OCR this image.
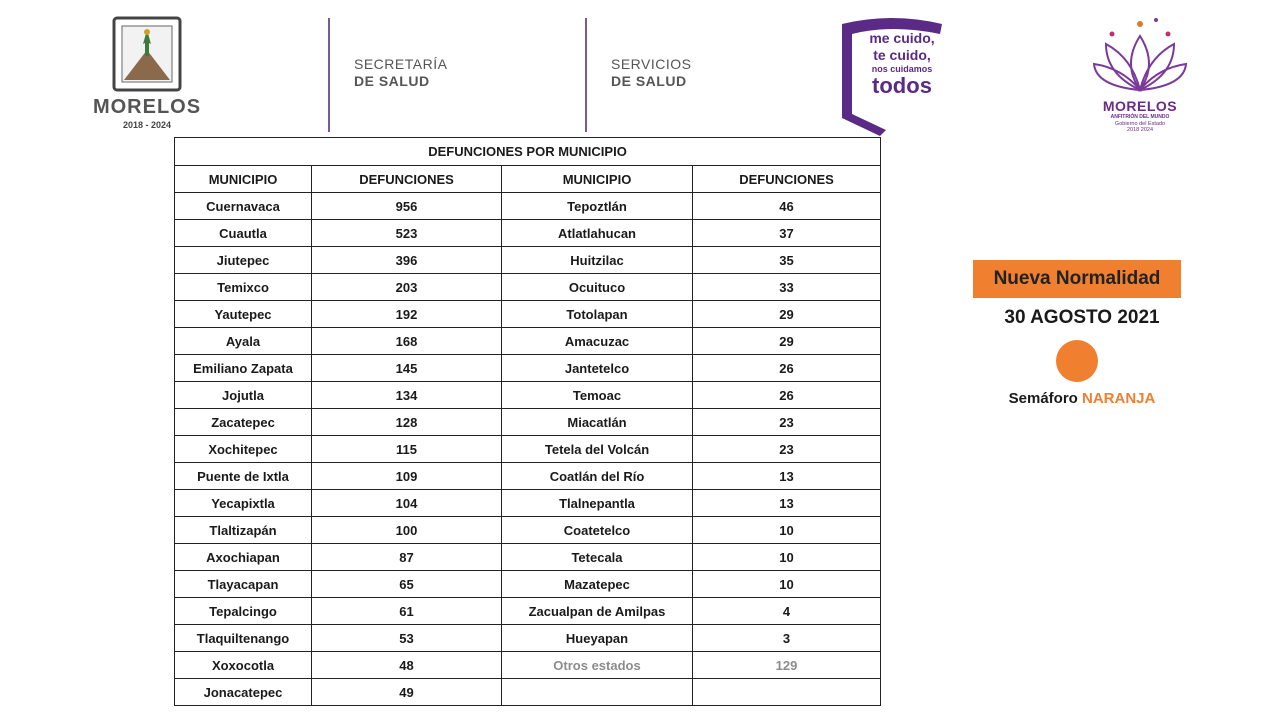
MORELOS
2018 - 2024
SECRETARÍA
DE SALUD
SERVICIOS
DE SALUD
me cuido,
te cuido,
nos cuidamos
todos
MORELOS
ANFITRIÓN DEL MUNDO
Gobierno del Estado
2018 2024
DEFUNCIONES POR MUNICIPIO			
MUNICIPIO	DEFUNCIONES	MUNICIPIO	DEFUNCIONES
Cuernavaca	956	Tepoztlán	46
Cuautla	523	Atlatlahucan	37
Jiutepec	396	Huitzilac	35
Temixco	203	Ocuituco	33
Yautepec	192	Totolapan	29
Ayala	168	Amacuzac	29
Emiliano Zapata	145	Jantetelco	26
Jojutla	134	Temoac	26
Zacatepec	128	Miacatlán	23
Xochitepec	115	Tetela del Volcán	23
Puente de Ixtla	109	Coatlán del Río	13
Yecapixtla	104	Tlalnepantla	13
Tlaltizapán	100	Coatetelco	10
Axochiapan	87	Tetecala	10
Tlayacapan	65	Mazatepec	10
Tepalcingo	61	Zacualpan de Amilpas	4
Tlaquiltenango	53	Hueyapan	3
Xoxocotla	48	Otros estados	129
Jonacatepec	49		
Nueva Normalidad
30 AGOSTO 2021
Semáforo NARANJA
